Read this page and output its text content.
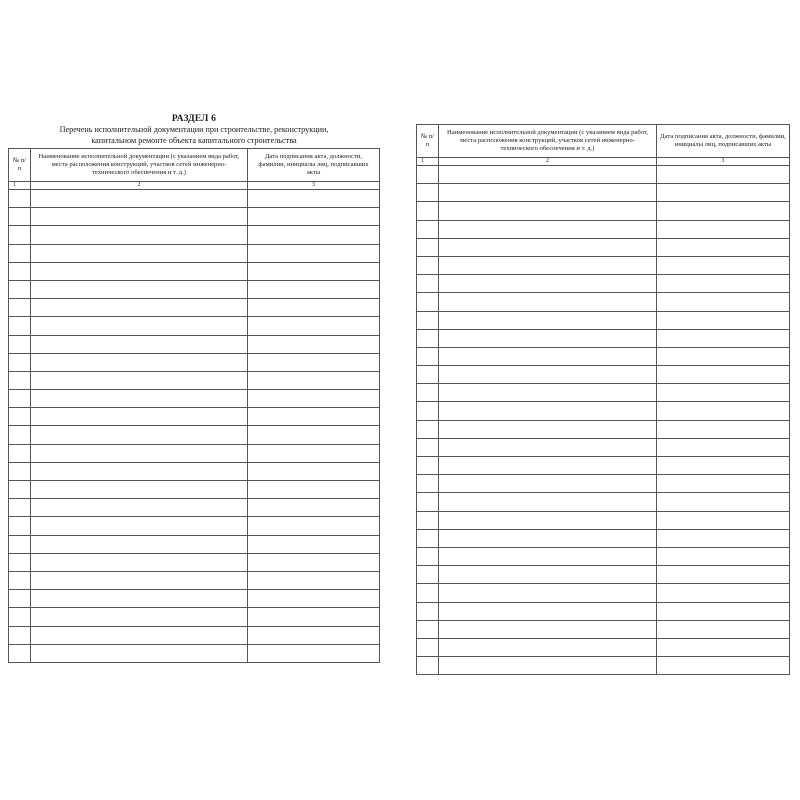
РАЗДЕЛ 6
Перечень исполнительной документации при строительстве, реконструкции, капитальном ремонте объекта капитального строительства
№ п/п	Наименование исполнительной документации (с указанием вида работ, места расположения конструкций, участков сетей инженерно-технического обеспечения и т. д.)	Дата подписания акта, должности, фамилии, инициалы лиц, подписавших акты
1	2	3

№ п/п	Наименование исполнительной документации (с указанием вида работ, места расположения конструкций, участков сетей инженерно-технического обеспечения и т. д.)	Дата подписания акта, должности, фамилии, инициалы лиц, подписавших акты
1	2	3
